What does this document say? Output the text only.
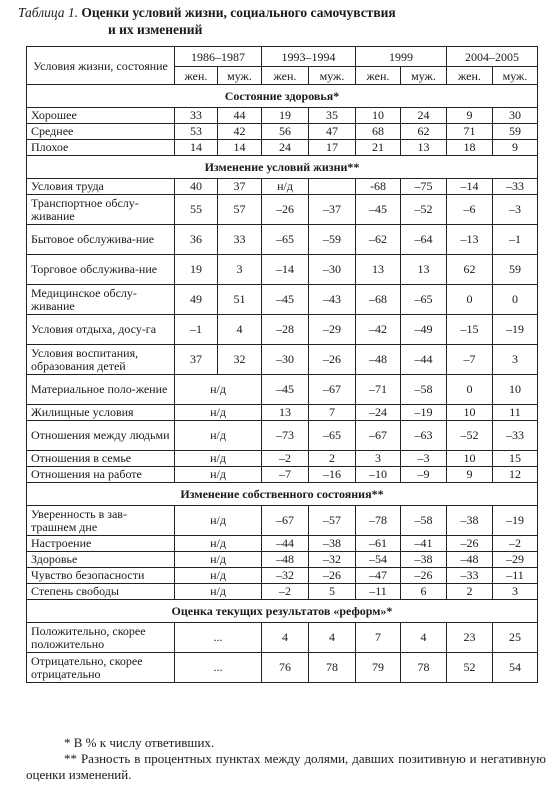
Таблица 1. Оценки условий жизни, социального самочувствия
и их изменений
Условия жизни, состояние	1986–1987		1993–1994		1999		2004–2005	
	жен.	муж.	жен.	муж.	жен.	муж.	жен.	муж.
Состояние здоровья*								
Хорошее	33	44	19	35	10	24	9	30
Среднее	53	42	56	47	68	62	71	59
Плохое	14	14	24	17	21	13	18	9
Изменение условий жизни**								
Условия труда	40	37	н/д		-68	–75	–14	–33
Транспортное обслу-живание	55	57	–26	–37	–45	–52	–6	–3
Бытовое обслужива-ние	36	33	–65	–59	–62	–64	–13	–1
Торговое обслужива-ние	19	3	–14	–30	13	13	62	59
Медицинское обслу-живание	49	51	–45	–43	–68	–65	0	0
Условия отдыха, досу-га	–1	4	–28	–29	–42	–49	–15	–19
Условия воспитания, образования детей	37	32	–30	–26	–48	–44	–7	3
Материальное поло-жение	н/д		–45	–67	–71	–58	0	10
Жилищные условия	н/д		13	7	–24	–19	10	11
Отношения между людьми	н/д		–73	–65	–67	–63	–52	–33
Отношения в семье	н/д		–2	2	3	–3	10	15
Отношения на работе	н/д		–7	–16	–10	–9	9	12
Изменение собственного состояния**								
Уверенность в зав-трашнем дне	н/д		–67	–57	–78	–58	–38	–19
Настроение	н/д		–44	–38	–61	–41	–26	–2
Здоровье	н/д		–48	–32	–54	–38	–48	–29
Чувство безопасности	н/д		–32	–26	–47	–26	–33	–11
Степень свободы	н/д		–2	5	–11	6	2	3
Оценка текущих результатов «реформ»*								
Положительно, скорее положительно	...		4	4	7	4	23	25
Отрицательно, скорее отрицательно	...		76	78	79	78	52	54

* В % к числу ответивших.

** Разность в процентных пунктах между долями, давших позитивную и негативную оценки изменений.
